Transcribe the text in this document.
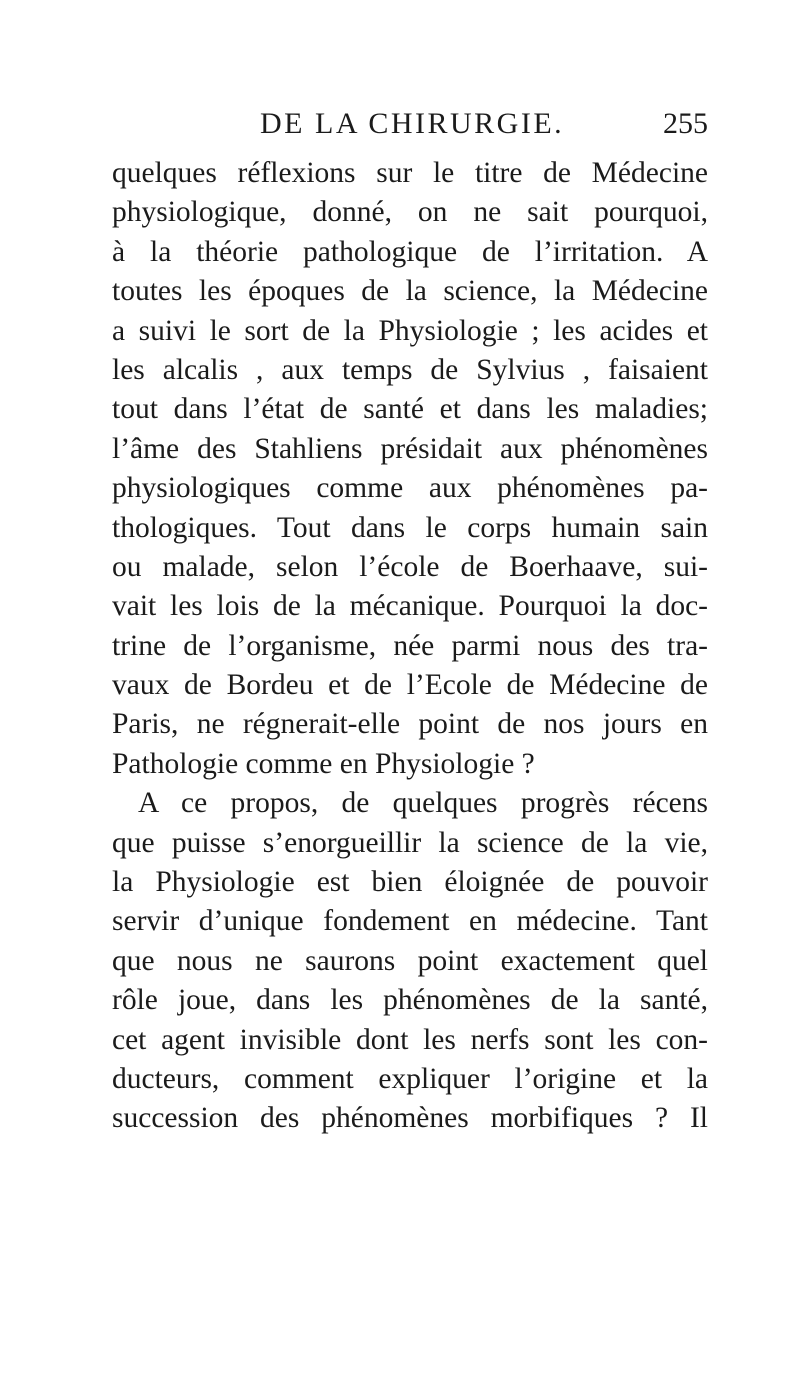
DE LA CHIRURGIE.	255
quelques réflexions sur le titre de Médecine
physiologique, donné, on ne sait pourquoi,
à la théorie pathologique de l’irritation. A
toutes les époques de la science, la Médecine
a suivi le sort de la Physiologie ; les acides et
les alcalis , aux temps de Sylvius , faisaient
tout dans l’état de santé et dans les maladies;
l’âme des Stahliens présidait aux phénomènes
physiologiques comme aux phénomènes pa-
thologiques. Tout dans le corps humain sain
ou malade, selon l’école de Boerhaave, sui-
vait les lois de la mécanique. Pourquoi la doc-
trine de l’organisme, née parmi nous des tra-
vaux de Bordeu et de l’Ecole de Médecine de
Paris, ne régnerait-elle point de nos jours en
Pathologie comme en Physiologie ?
A ce propos, de quelques progrès récens
que puisse s’enorgueillir la science de la vie,
la Physiologie est bien éloignée de pouvoir
servir d’unique fondement en médecine. Tant
que nous ne saurons point exactement quel
rôle joue, dans les phénomènes de la santé,
cet agent invisible dont les nerfs sont les con-
ducteurs, comment expliquer l’origine et la
succession des phénomènes morbifiques ? Il
